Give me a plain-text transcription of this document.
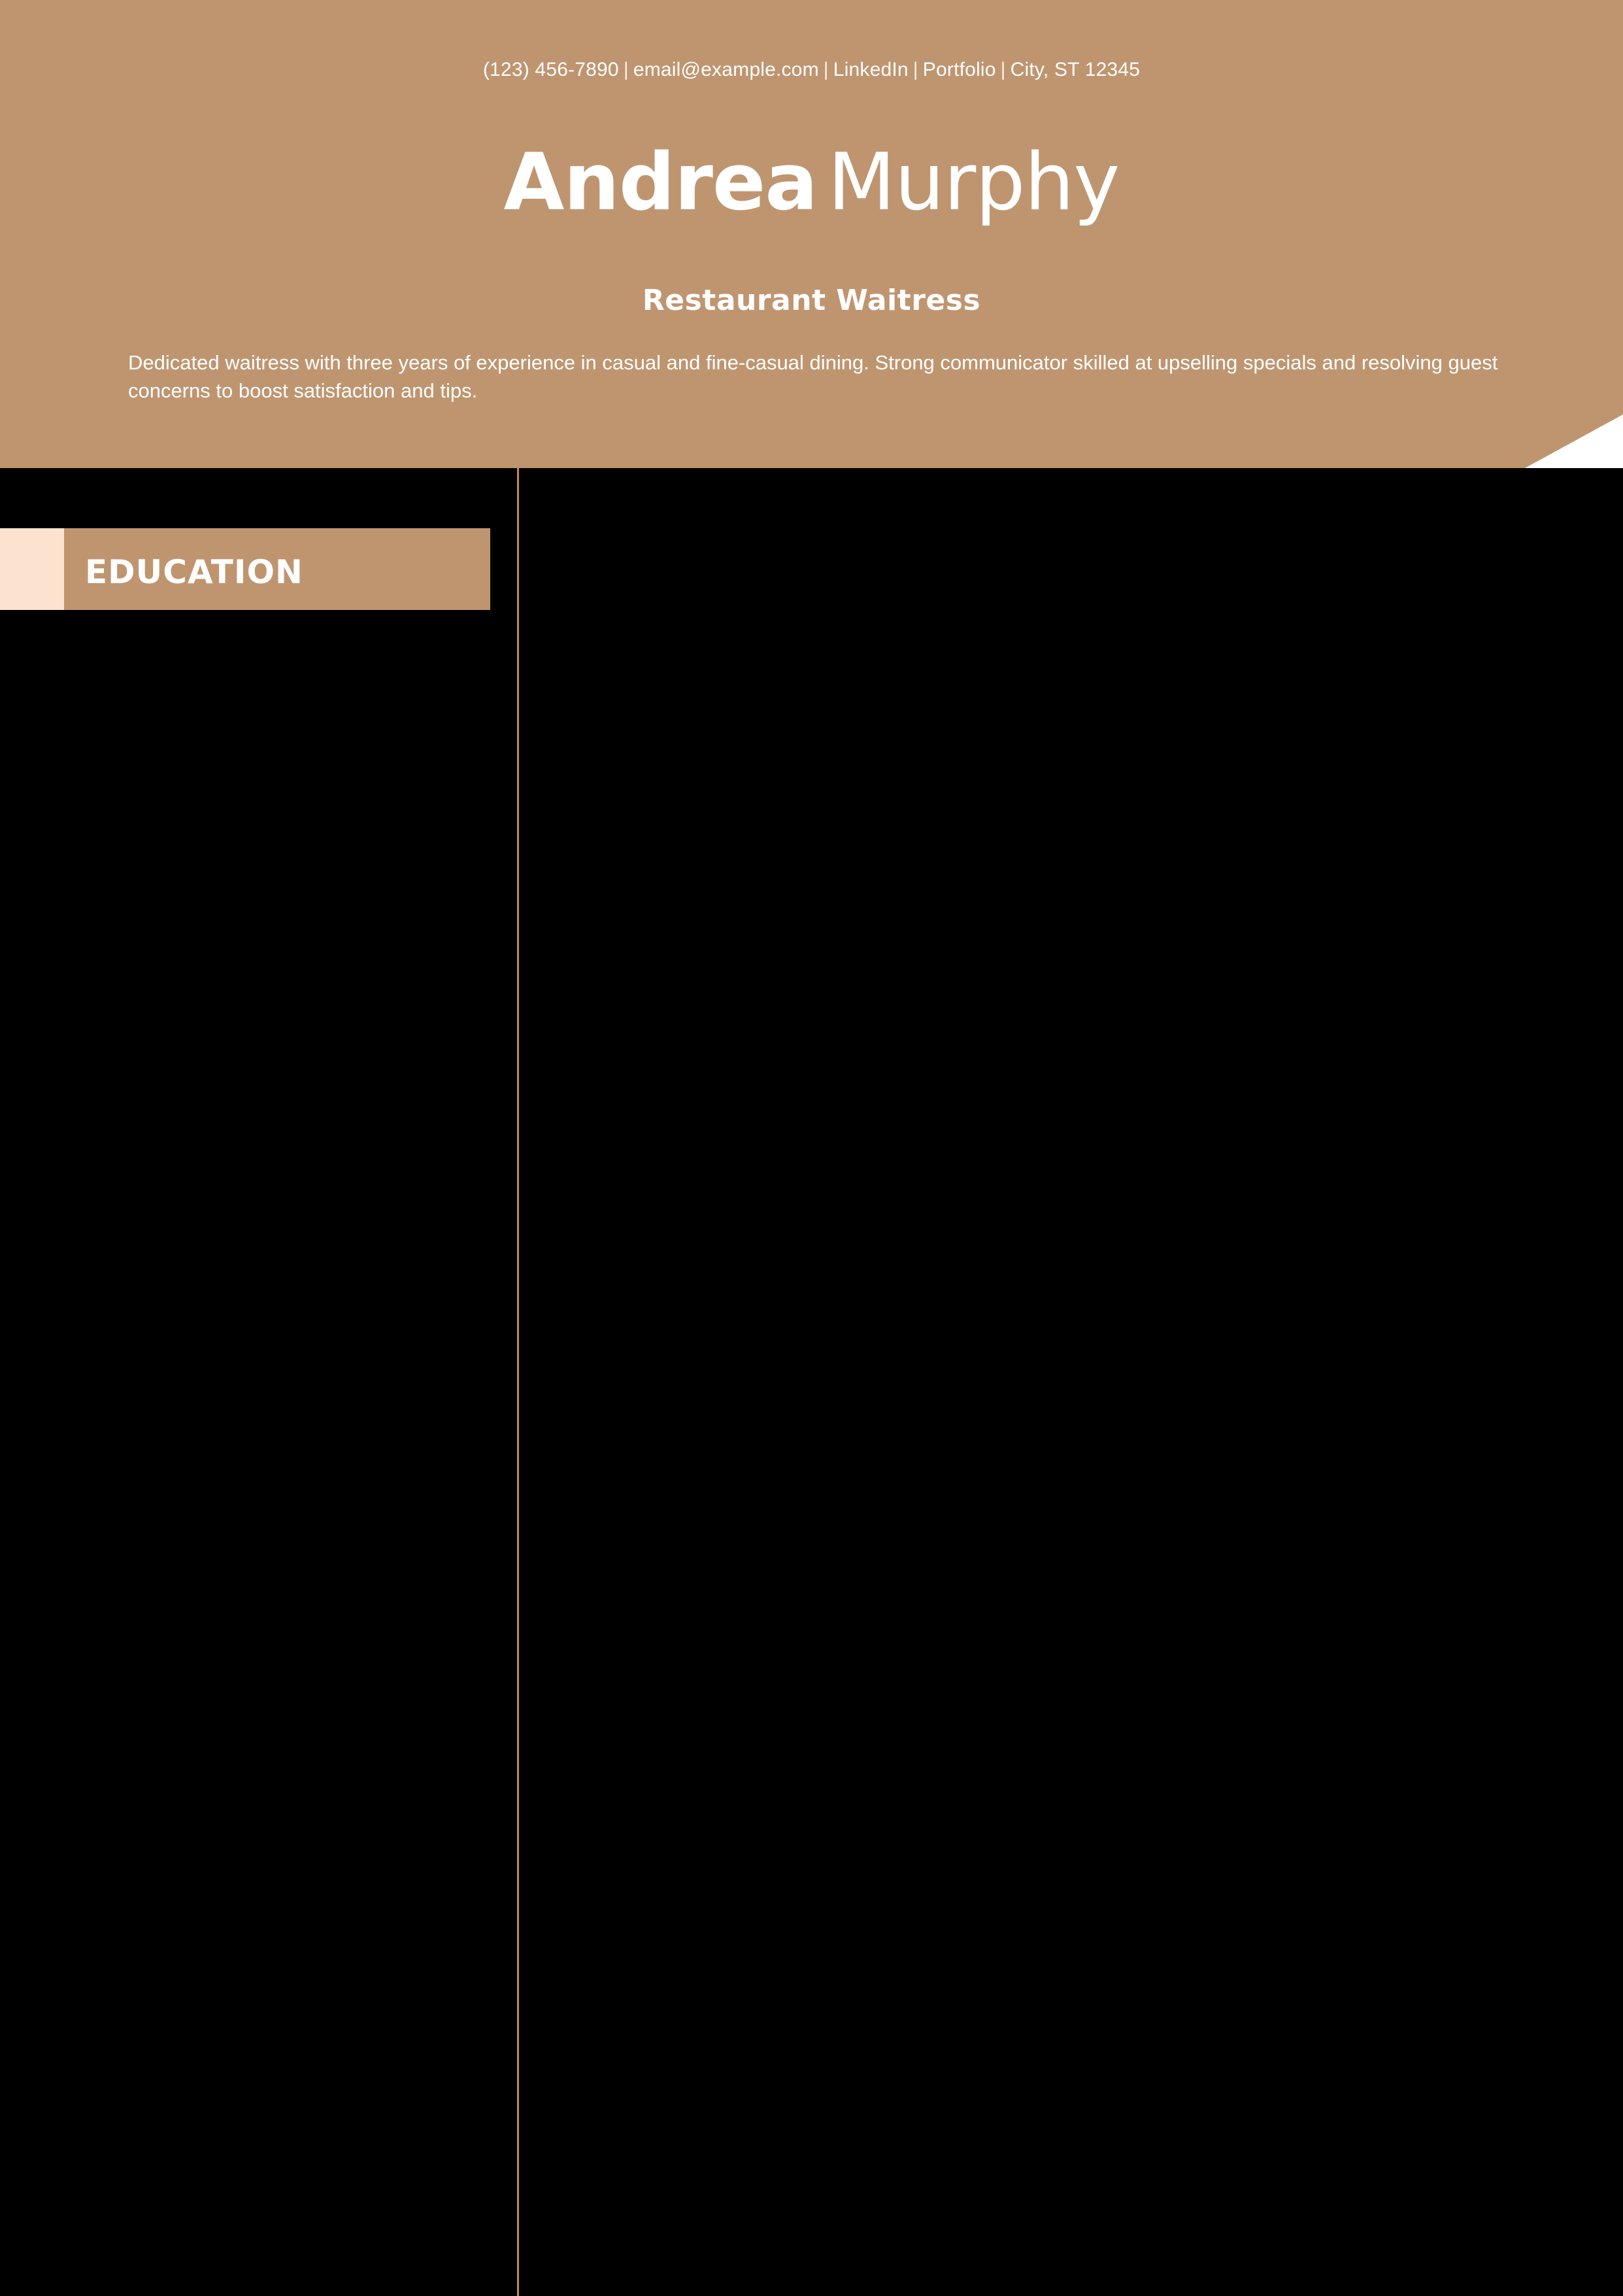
(123) 456-7890 | email@example.com | LinkedIn | Portfolio | City, ST 12345
Andrea Murphy
Restaurant Waitress
Dedicated waitress with three years of experience in casual and fine-casual dining. Strong communicator skilled at upselling specials and resolving guest concerns to boost satisfaction and tips.
EDUCATION
